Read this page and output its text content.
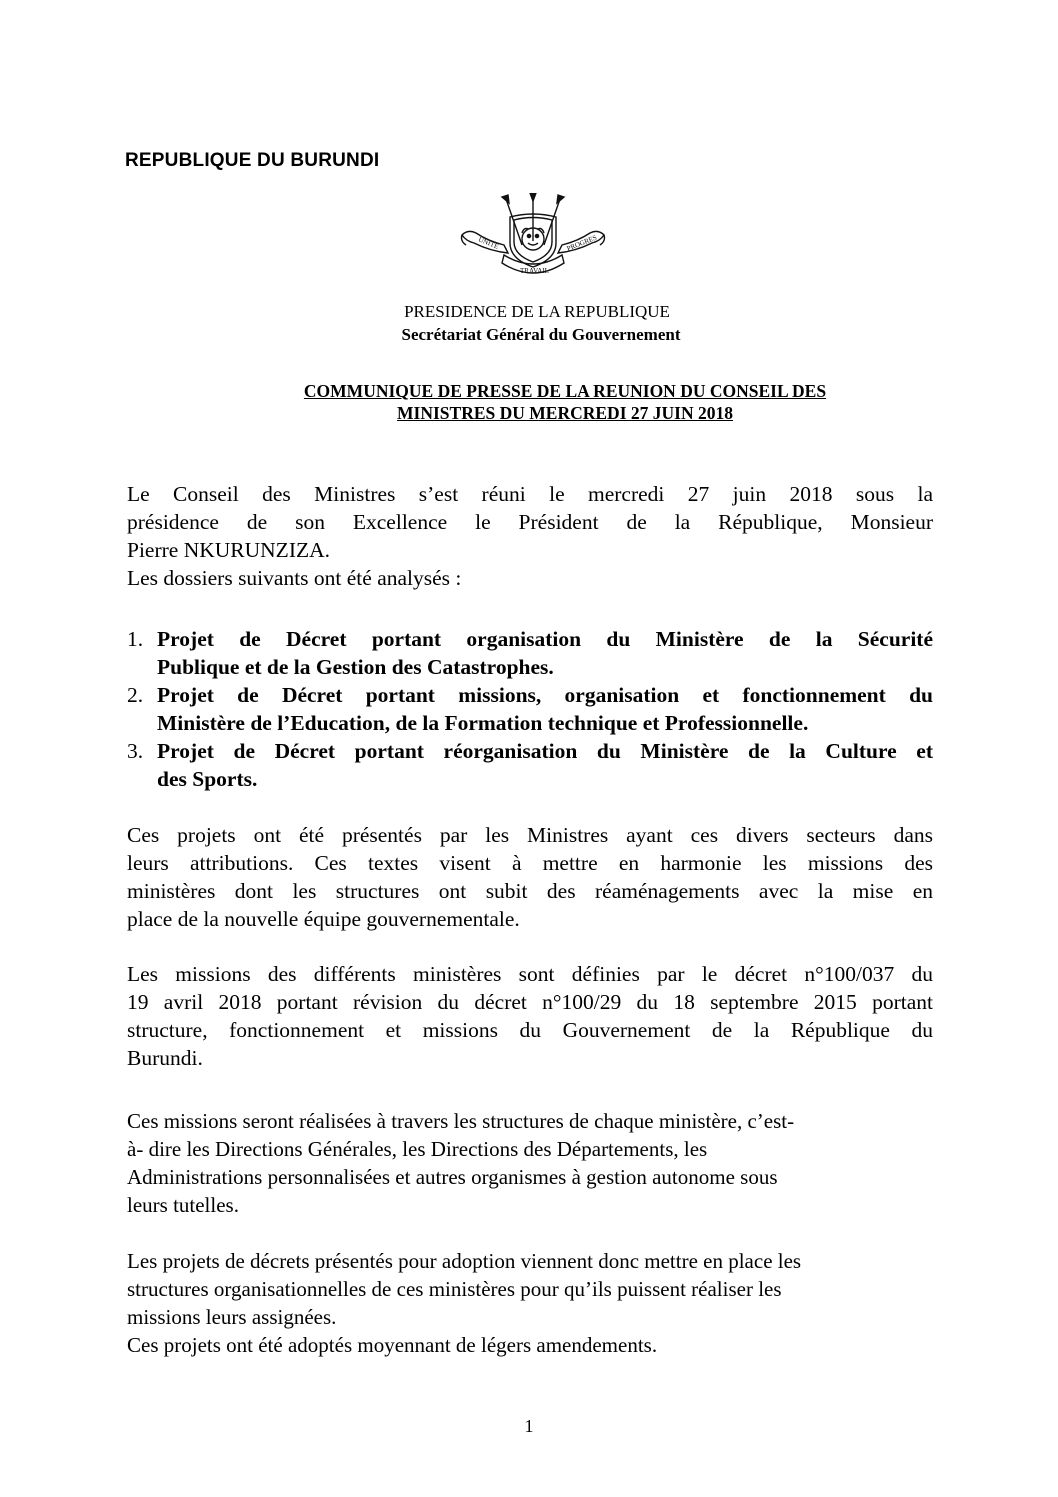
REPUBLIQUE DU BURUNDI
UNITE
TRAVAIL
PROGRES
PRESIDENCE DE LA REPUBLIQUE
Secrétariat Général du Gouvernement
COMMUNIQUE DE PRESSE DE LA REUNION DU CONSEIL DES
MINISTRES DU MERCREDI 27 JUIN 2018
Le Conseil des Ministres s’est réuni le mercredi 27 juin 2018 sous la
présidence de son Excellence le Président de la République, Monsieur
Pierre NKURUNZIZA.
Les dossiers suivants ont été analysés :
1. Projet de Décret portant organisation du Ministère de la Sécurité
Publique et de la Gestion des Catastrophes.
2. Projet de Décret portant missions, organisation et fonctionnement du
Ministère de l’Education, de la Formation technique et Professionnelle.
3. Projet de Décret portant réorganisation du Ministère de la Culture et
des Sports.
Ces projets ont été présentés par les Ministres ayant ces divers secteurs dans
leurs attributions. Ces textes visent à mettre en harmonie les missions des
ministères dont les structures ont subit des réaménagements avec la mise en
place de la nouvelle équipe gouvernementale.
Les missions des différents ministères sont définies par le décret n°100/037 du
19 avril 2018 portant révision du décret n°100/29 du 18 septembre 2015 portant
structure, fonctionnement et missions du Gouvernement de la République du
Burundi.
Ces missions seront réalisées à travers les structures de chaque ministère, c’est-
à- dire les Directions Générales, les Directions des Départements, les
Administrations personnalisées et autres organismes à gestion autonome sous
leurs tutelles.
Les projets de décrets présentés pour adoption viennent donc mettre en place les
structures organisationnelles de ces ministères pour qu’ils puissent réaliser les
missions leurs assignées.
Ces projets ont été adoptés moyennant de légers amendements.
1
